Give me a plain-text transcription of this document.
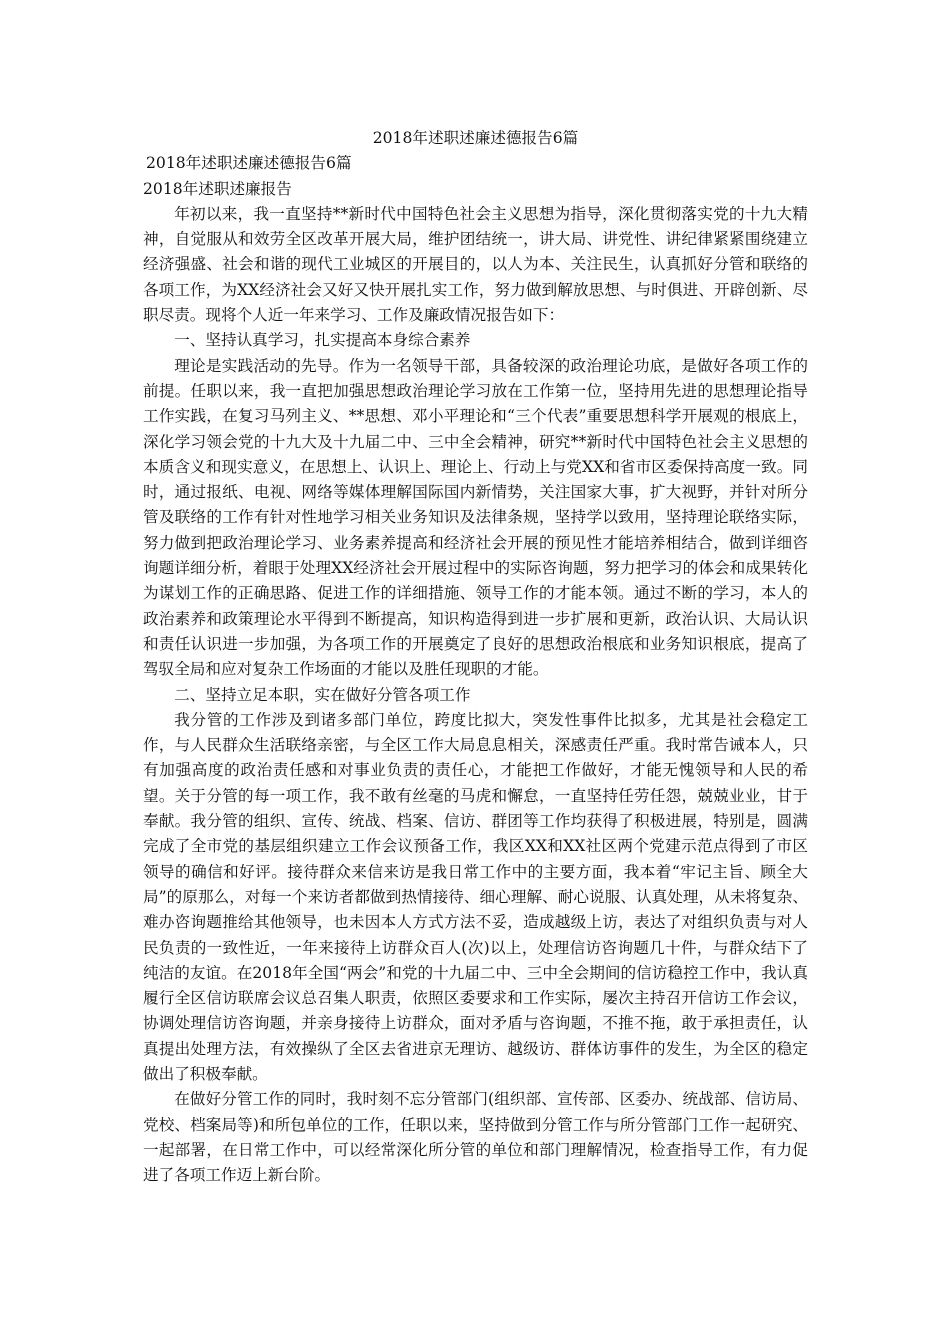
2018年述职述廉述德报告6篇

2018年述职述廉述德报告6篇

2018年述职述廉报告

年初以来，我一直坚持**新时代中国特色社会主义思想为指导，深化贯彻落实党的十九大精神，自觉服从和效劳全区改革开展大局，维护团结统一，讲大局、讲党性、讲纪律紧紧围绕建立经济强盛、社会和谐的现代工业城区的开展目的，以人为本、关注民生，认真抓好分管和联络的各项工作，为XX经济社会又好又快开展扎实工作，努力做到解放思想、与时俱进、开辟创新、尽职尽责。现将个人近一年来学习、工作及廉政情况报告如下：

一、坚持认真学习，扎实提高本身综合素养

理论是实践活动的先导。作为一名领导干部，具备较深的政治理论功底，是做好各项工作的前提。任职以来，我一直把加强思想政治理论学习放在工作第一位，坚持用先进的思想理论指导工作实践，在复习马列主义、**思想、邓小平理论和“三个代表”重要思想科学开展观的根底上，深化学习领会党的十九大及十九届二中、三中全会精神，研究**新时代中国特色社会主义思想的本质含义和现实意义，在思想上、认识上、理论上、行动上与党XX和省市区委保持高度一致。同时，通过报纸、电视、网络等媒体理解国际国内新情势，关注国家大事，扩大视野，并针对所分管及联络的工作有针对性地学习相关业务知识及法律条规，坚持学以致用，坚持理论联络实际，努力做到把政治理论学习、业务素养提高和经济社会开展的预见性才能培养相结合，做到详细咨询题详细分析，着眼于处理XX经济社会开展过程中的实际咨询题，努力把学习的体会和成果转化为谋划工作的正确思路、促进工作的详细措施、领导工作的才能本领。通过不断的学习，本人的政治素养和政策理论水平得到不断提高，知识构造得到进一步扩展和更新，政治认识、大局认识和责任认识进一步加强，为各项工作的开展奠定了良好的思想政治根底和业务知识根底，提高了驾驭全局和应对复杂工作场面的才能以及胜任现职的才能。

二、坚持立足本职，实在做好分管各项工作

我分管的工作涉及到诸多部门单位，跨度比拟大，突发性事件比拟多，尤其是社会稳定工作，与人民群众生活联络亲密，与全区工作大局息息相关，深感责任严重。我时常告诫本人，只有加强高度的政治责任感和对事业负责的责任心，才能把工作做好，才能无愧领导和人民的希望。关于分管的每一项工作，我不敢有丝毫的马虎和懈怠，一直坚持任劳任怨，兢兢业业，甘于奉献。我分管的组织、宣传、统战、档案、信访、群团等工作均获得了积极进展，特别是，圆满完成了全市党的基层组织建立工作会议预备工作，我区XX和XX社区两个党建示范点得到了市区领导的确信和好评。接待群众来信来访是我日常工作中的主要方面，我本着“牢记主旨、顾全大局”的原那么，对每一个来访者都做到热情接待、细心理解、耐心说服、认真处理，从未将复杂、难办咨询题推给其他领导，也未因本人方式方法不妥，造成越级上访，表达了对组织负责与对人民负责的一致性近，一年来接待上访群众百人(次)以上，处理信访咨询题几十件，与群众结下了纯洁的友谊。在2018年全国“两会”和党的十九届二中、三中全会期间的信访稳控工作中，我认真履行全区信访联席会议总召集人职责，依照区委要求和工作实际，屡次主持召开信访工作会议，协调处理信访咨询题，并亲身接待上访群众，面对矛盾与咨询题，不推不拖，敢于承担责任，认真提出处理方法，有效操纵了全区去省进京无理访、越级访、群体访事件的发生，为全区的稳定做出了积极奉献。

在做好分管工作的同时，我时刻不忘分管部门(组织部、宣传部、区委办、统战部、信访局、党校、档案局等)和所包单位的工作，任职以来，坚持做到分管工作与所分管部门工作一起研究、一起部署，在日常工作中，可以经常深化所分管的单位和部门理解情况，检查指导工作，有力促进了各项工作迈上新台阶。
